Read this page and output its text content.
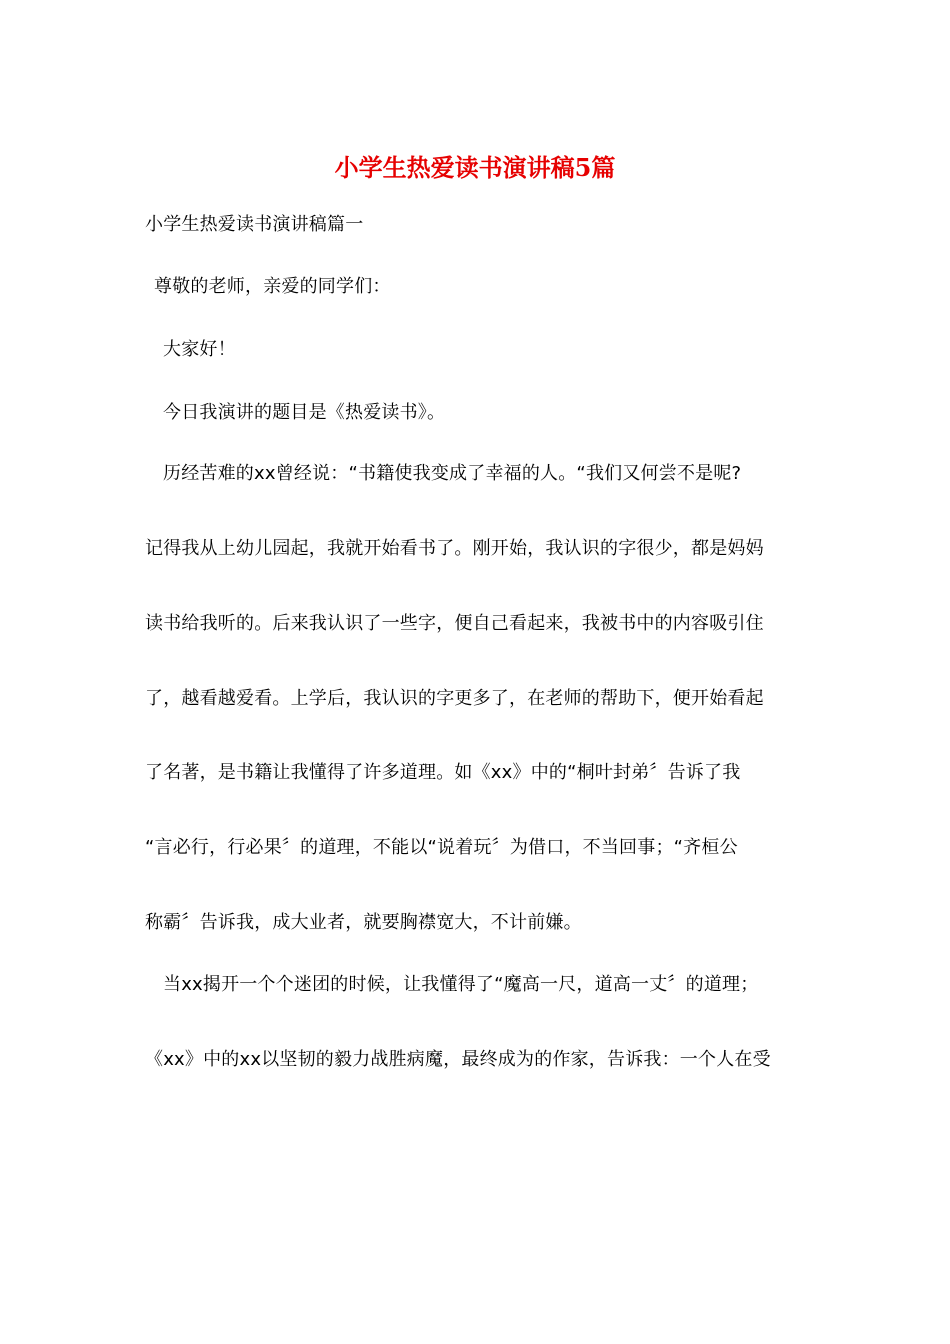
小学生热爱读书演讲稿5篇
小学生热爱读书演讲稿篇一
尊敬的老师，亲爱的同学们：
大家好！
今日我演讲的题目是《热爱读书》。
历经苦难的xx曾经说：“书籍使我变成了幸福的人。“我们又何尝不是呢?
记得我从上幼儿园起，我就开始看书了。刚开始，我认识的字很少，都是妈妈
读书给我听的。后来我认识了一些字，便自己看起来，我被书中的内容吸引住
了，越看越爱看。上学后，我认识的字更多了，在老师的帮助下，便开始看起
了名著，是书籍让我懂得了许多道理。如《xx》中的“桐叶封弟〞告诉了我
“言必行，行必果〞的道理，不能以“说着玩〞为借口，不当回事；“齐桓公
称霸〞告诉我，成大业者，就要胸襟宽大，不计前嫌。
当xx揭开一个个迷团的时候，让我懂得了“魔高一尺，道高一丈〞的道理；
《xx》中的xx以坚韧的毅力战胜病魔，最终成为的作家，告诉我：一个人在受
